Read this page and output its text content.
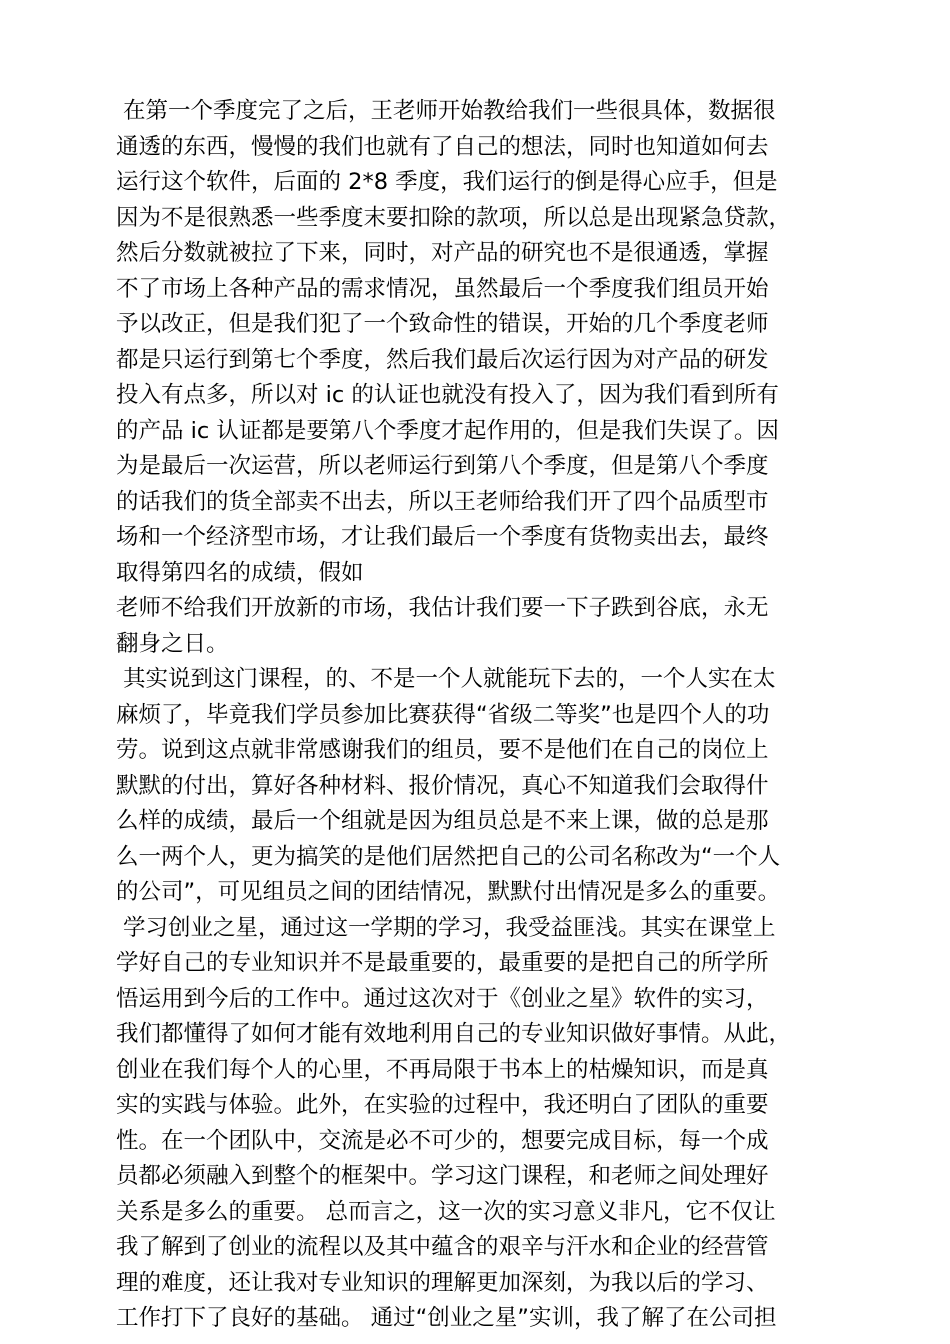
在第一个季度完了之后，王老师开始教给我们一些很具体，数据很
通透的东西，慢慢的我们也就有了自己的想法，同时也知道如何去
运行这个软件，后面的 2*8 季度，我们运行的倒是得心应手，但是
因为不是很熟悉一些季度末要扣除的款项，所以总是出现紧急贷款，
然后分数就被拉了下来，同时，对产品的研究也不是很通透，掌握
不了市场上各种产品的需求情况，虽然最后一个季度我们组员开始
予以改正，但是我们犯了一个致命性的错误，开始的几个季度老师
都是只运行到第七个季度，然后我们最后次运行因为对产品的研发
投入有点多，所以对 ic 的认证也就没有投入了，因为我们看到所有
的产品 ic 认证都是要第八个季度才起作用的，但是我们失误了。因
为是最后一次运营，所以老师运行到第八个季度，但是第八个季度
的话我们的货全部卖不出去，所以王老师给我们开了四个品质型市
场和一个经济型市场，才让我们最后一个季度有货物卖出去，最终
取得第四名的成绩，假如
老师不给我们开放新的市场，我估计我们要一下子跌到谷底，永无
翻身之日。
其实说到这门课程，的、不是一个人就能玩下去的，一个人实在太
麻烦了，毕竟我们学员参加比赛获得“省级二等奖”也是四个人的功
劳。说到这点就非常感谢我们的组员，要不是他们在自己的岗位上
默默的付出，算好各种材料、报价情况，真心不知道我们会取得什
么样的成绩，最后一个组就是因为组员总是不来上课，做的总是那
么一两个人，更为搞笑的是他们居然把自己的公司名称改为“一个人
的公司”，可见组员之间的团结情况，默默付出情况是多么的重要。
学习创业之星，通过这一学期的学习，我受益匪浅。其实在课堂上
学好自己的专业知识并不是最重要的，最重要的是把自己的所学所
悟运用到今后的工作中。通过这次对于《创业之星》软件的实习，
我们都懂得了如何才能有效地利用自己的专业知识做好事情。从此，
创业在我们每个人的心里，不再局限于书本上的枯燥知识，而是真
实的实践与体验。此外，在实验的过程中，我还明白了团队的重要
性。在一个团队中，交流是必不可少的，想要完成目标，每一个成
员都必须融入到整个的框架中。学习这门课程，和老师之间处理好
关系是多么的重要。 总而言之，这一次的实习意义非凡，它不仅让
我了解到了创业的流程以及其中蕴含的艰辛与汗水和企业的经营管
理的难度，还让我对专业知识的理解更加深刻，为我以后的学习、
工作打下了良好的基础。 通过“创业之星”实训，我了解了在公司担
